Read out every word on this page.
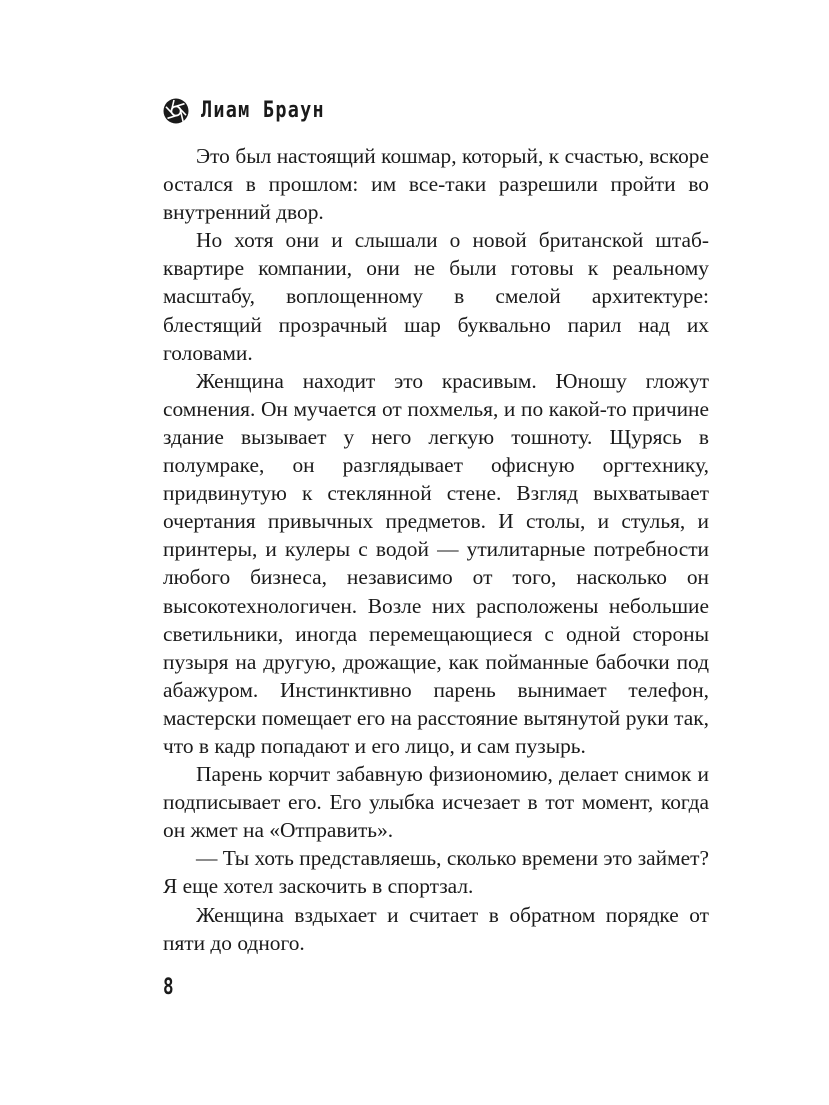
Лиам Браун

Это был настоящий кошмар, который, к счастью, вскоре остался в прошлом: им все-таки разрешили пройти во внутренний двор.

Но хотя они и слышали о новой британской штаб-квартире компании, они не были готовы к реальному масштабу, воплощенному в смелой архитектуре: блестящий прозрачный шар буквально парил над их головами.

Женщина находит это красивым. Юношу гложут сомнения. Он мучается от похмелья, и по какой-то причине здание вызывает у него легкую тошноту. Щурясь в полумраке, он разглядывает офисную оргтехнику, придвинутую к стеклянной стене. Взгляд выхватывает очертания привычных предметов. И столы, и стулья, и принтеры, и кулеры с водой — утилитарные потребности любого бизнеса, независимо от того, насколько он высокотехнологичен. Возле них расположены небольшие светильники, иногда перемещающиеся с одной стороны пузыря на другую, дрожащие, как пойманные бабочки под абажуром. Инстинктивно парень вынимает телефон, мастерски помещает его на расстояние вытянутой руки так, что в кадр попадают и его лицо, и сам пузырь.

Парень корчит забавную физиономию, делает снимок и подписывает его. Его улыбка исчезает в тот момент, когда он жмет на «Отправить».

— Ты хоть представляешь, сколько времени это займет? Я еще хотел заскочить в спортзал.

Женщина вздыхает и считает в обратном порядке от пяти до одного.

8
